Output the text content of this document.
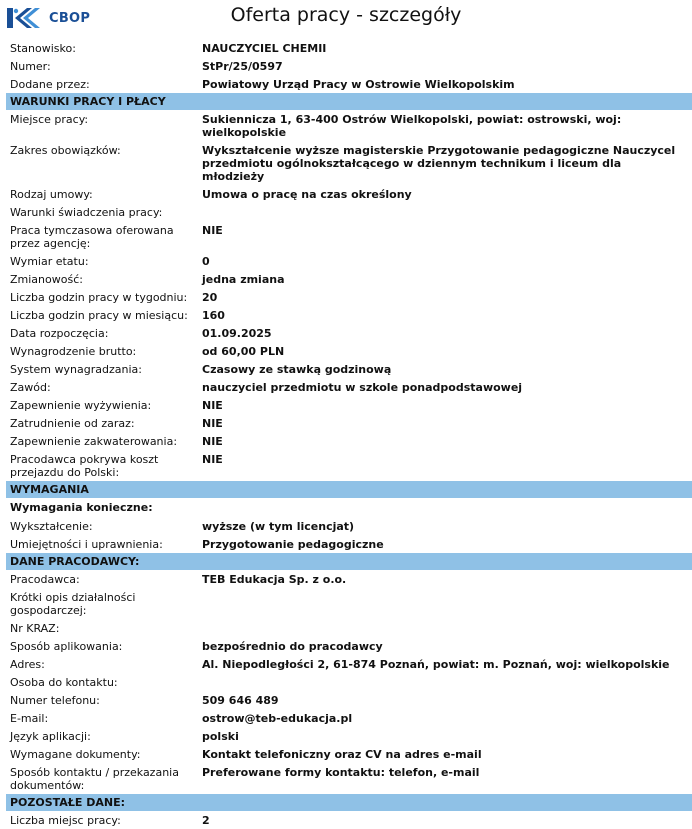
CBOP	Oferta pracy - szczegóły
Stanowisko:	NAUCZYCIEL CHEMII
Numer:	StPr/25/0597
Dodane przez:	Powiatowy Urząd Pracy w Ostrowie Wielkopolskim
WARUNKI PRACY I PŁACY
Miejsce pracy:	Sukiennicza 1, 63-400 Ostrów Wielkopolski, powiat: ostrowski, woj: wielkopolskie
Zakres obowiązków:	Wykształcenie wyższe magisterskie Przygotowanie pedagogiczne Nauczycel przedmiotu ogólnokształcącego w dziennym technikum i liceum dla młodzieży
Rodzaj umowy:	Umowa o pracę na czas określony
Warunki świadczenia pracy:
Praca tymczasowa oferowana przez agencję:
NIE
Wymiar etatu:	0
Zmianowość:	jedna zmiana
Liczba godzin pracy w tygodniu:	20
Liczba godzin pracy w miesiącu:	160
Data rozpoczęcia:	01.09.2025
Wynagrodzenie brutto:	od 60,00 PLN
System wynagradzania:	Czasowy ze stawką godzinową
Zawód:	nauczyciel przedmiotu w szkole ponadpodstawowej
Zapewnienie wyżywienia:	NIE
Zatrudnienie od zaraz:	NIE
Zapewnienie zakwaterowania:	NIE
Pracodawca pokrywa koszt przejazdu do Polski:
NIE
WYMAGANIA
Wymagania konieczne:
Wykształcenie:	wyższe (w tym licencjat)
Umiejętności i uprawnienia:	Przygotowanie pedagogiczne
DANE PRACODAWCY:
Pracodawca:	TEB Edukacja Sp. z o.o.
Krótki opis działalności gospodarczej:
Nr KRAZ:
Sposób aplikowania:	bezpośrednio do pracodawcy
Adres:	Al. Niepodległości 2, 61-874 Poznań, powiat: m. Poznań, woj: wielkopolskie
Osoba do kontaktu:
Numer telefonu:	509 646 489
E-mail:	ostrow@teb-edukacja.pl
Język aplikacji:	polski
Wymagane dokumenty:	Kontakt telefoniczny oraz CV na adres e-mail
Sposób kontaktu / przekazania dokumentów:
Preferowane formy kontaktu: telefon, e-mail
POZOSTAŁE DANE:
Liczba miejsc pracy:	2
